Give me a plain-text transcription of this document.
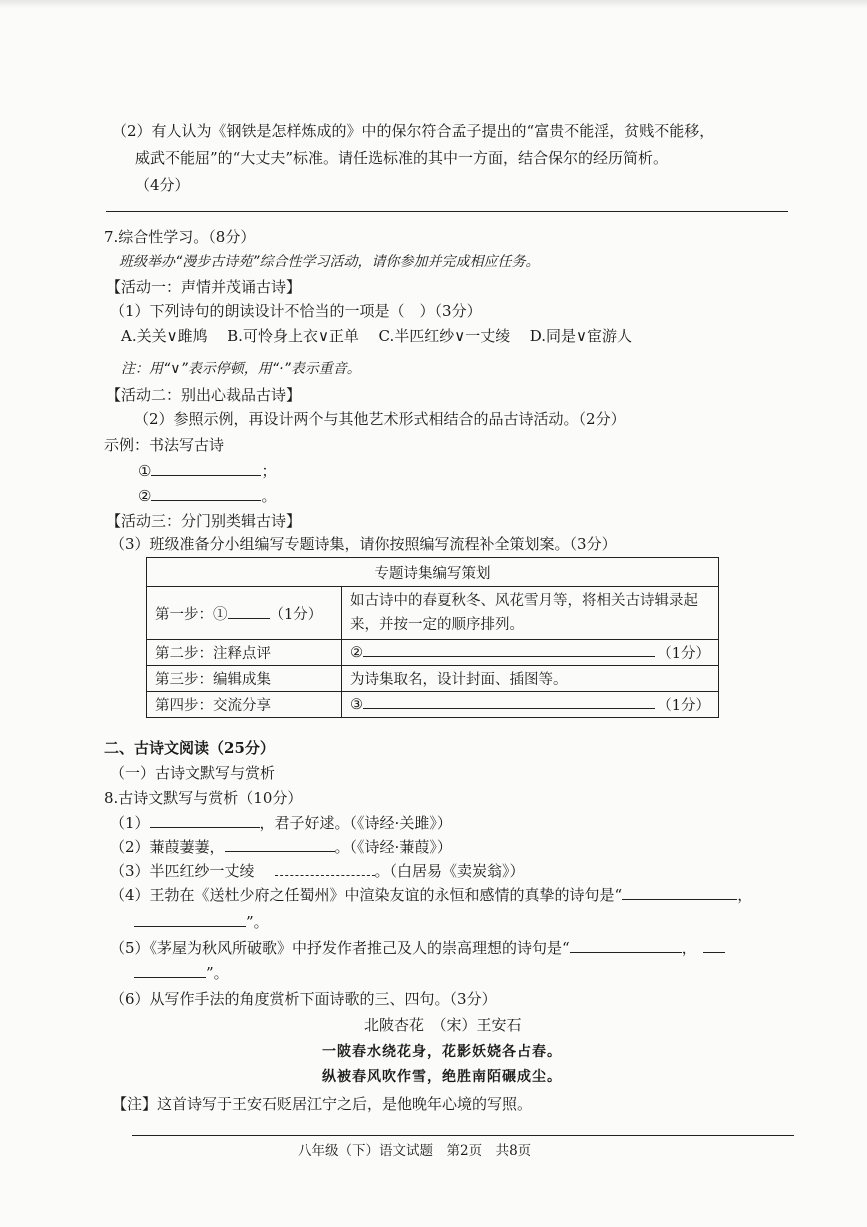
（2）有人认为《钢铁是怎样炼成的》中的保尔符合孟子提出的“富贵不能淫，贫贱不能移，
威武不能屈”的“大丈夫”标准。请任选标准的其中一方面，结合保尔的经历简析。
（4分）
7.综合性学习。（8分）
班级举办“漫步古诗苑”综合性学习活动，请你参加并完成相应任务。
【活动一：声情并茂诵古诗】
（1）下列诗句的朗读设计不恰当的一项是（　）（3分）
A.关关∨雎鸠 B.可怜身上衣∨正单 C.半匹红纱∨一丈绫 D.同是∨宦游人
注：用“∨”表示停顿，用“·”表示重音。
【活动二：别出心裁品古诗】
（2）参照示例，再设计两个与其他艺术形式相结合的品古诗活动。（2分）
示例：书法写古诗
①	；
②	。
【活动三：分门别类辑古诗】
（3）班级准备分小组编写专题诗集，请你按照编写流程补全策划案。（3分）
专题诗集编写策划	
第一步：① （1分）	如古诗中的春夏秋冬、风花雪月等，将相关古诗辑录起来，并按一定的顺序排列。
第二步：注释点评	② （1分）

第三步：编辑成集	为诗集取名，设计封面、插图等。
第四步：交流分享	③ （1分）
二、古诗文阅读（25分）
（一）古诗文默写与赏析
8.古诗文默写与赏析（10分）
（1）	，君子好逑。（《诗经·关雎》）
（2）蒹葭萋萋，	。（《诗经·蒹葭》）
（3）半匹红纱一丈绫	。（白居易《卖炭翁》）
（4）王勃在《送杜少府之任蜀州》中渲染友谊的永恒和感情的真挚的诗句是“	，
”。
（5）《茅屋为秋风所破歌》中抒发作者推己及人的崇高理想的诗句是“	，
”。
（6）从写作手法的角度赏析下面诗歌的三、四句。（3分）
北陂杏花　（宋）王安石
一陂春水绕花身，花影妖娆各占春。
纵被春风吹作雪，绝胜南陌碾成尘。
【注】这首诗写于王安石贬居江宁之后，是他晚年心境的写照。
八年级（下）语文试题　第2页　共8页
